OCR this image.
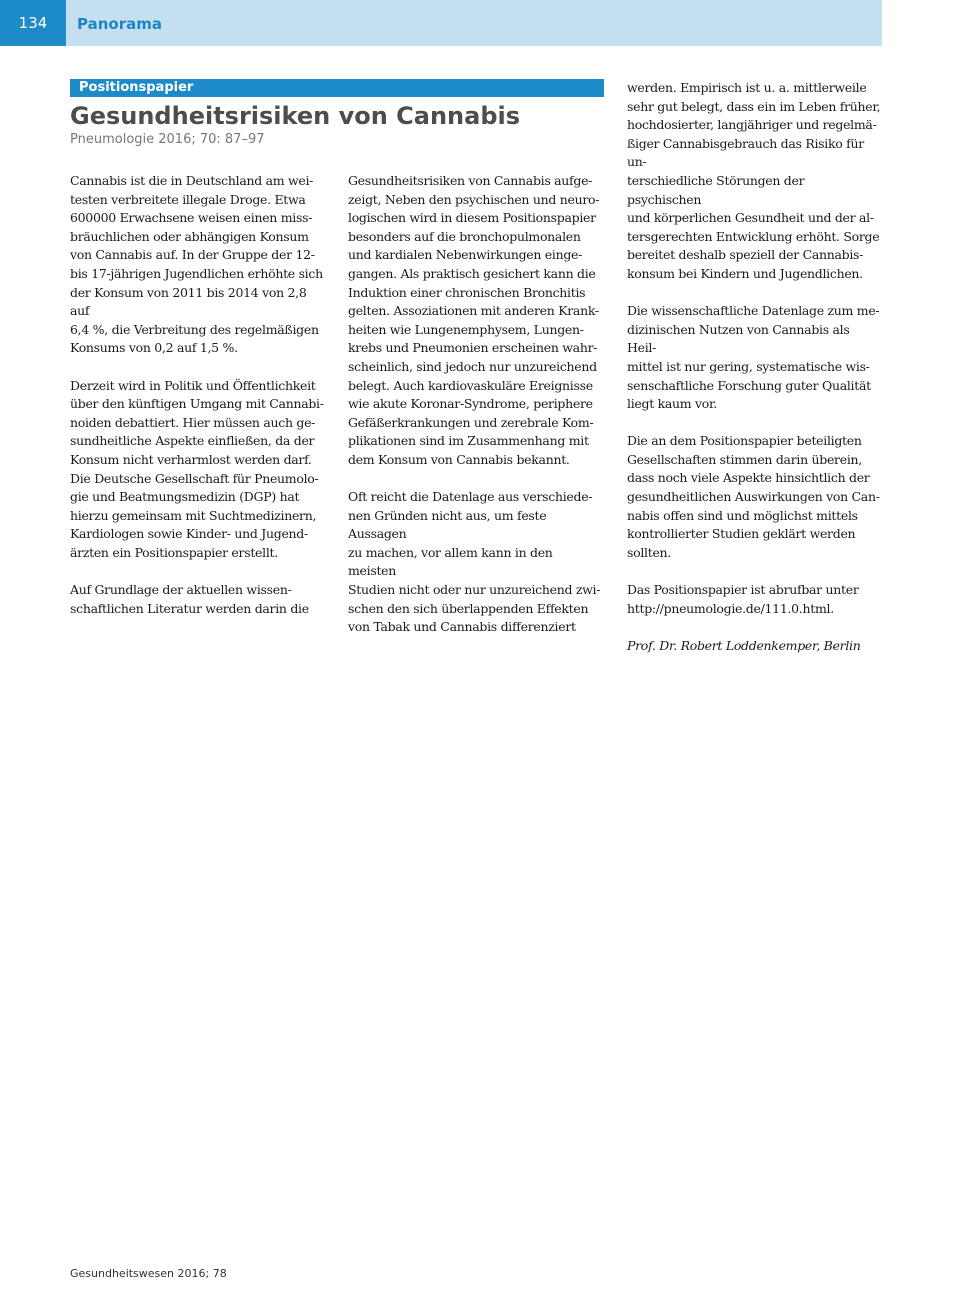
134	Panorama
Positionspapier
Gesundheitsrisiken von Cannabis
Pneumologie 2016; 70: 87–97

Cannabis ist die in Deutschland am wei-
testen verbreitete illegale Droge. Etwa
600000 Erwachsene weisen einen miss-
bräuchlichen oder abhängigen Konsum
von Cannabis auf. In der Gruppe der 12-
bis 17-jährigen Jugendlichen erhöhte sich
der Konsum von 2011 bis 2014 von 2,8 auf
6,4 %, die Verbreitung des regelmäßigen
Konsums von 0,2 auf 1,5 %.

Derzeit wird in Politik und Öffentlichkeit
über den künftigen Umgang mit Cannabi-
noiden debattiert. Hier müssen auch ge-
sundheitliche Aspekte einfließen, da der
Konsum nicht verharmlost werden darf.
Die Deutsche Gesellschaft für Pneumolo-
gie und Beatmungsmedizin (DGP) hat
hierzu gemeinsam mit Suchtmedizinern,
Kardiologen sowie Kinder- und Jugend-
ärzten ein Positionspapier erstellt.

Auf Grundlage der aktuellen wissen-
schaftlichen Literatur werden darin die

Gesundheitsrisiken von Cannabis aufge-
zeigt, Neben den psychischen und neuro-
logischen wird in diesem Positionspapier
besonders auf die bronchopulmonalen
und kardialen Nebenwirkungen einge-
gangen. Als praktisch gesichert kann die
Induktion einer chronischen Bronchitis
gelten. Assoziationen mit anderen Krank-
heiten wie Lungenemphysem, Lungen-
krebs und Pneumonien erscheinen wahr-
scheinlich, sind jedoch nur unzureichend
belegt. Auch kardiovaskuläre Ereignisse
wie akute Koronar-Syndrome, periphere
Gefäßerkrankungen und zerebrale Kom-
plikationen sind im Zusammenhang mit
dem Konsum von Cannabis bekannt.

Oft reicht die Datenlage aus verschiede-
nen Gründen nicht aus, um feste Aussagen
zu machen, vor allem kann in den meisten
Studien nicht oder nur unzureichend zwi-
schen den sich überlappenden Effekten
von Tabak und Cannabis differenziert

werden. Empirisch ist u. a. mittlerweile
sehr gut belegt, dass ein im Leben früher,
hochdosierter, langjähriger und regelmä-
ßiger Cannabisgebrauch das Risiko für un-
terschiedliche Störungen der psychischen
und körperlichen Gesundheit und der al-
tersgerechten Entwicklung erhöht. Sorge
bereitet deshalb speziell der Cannabis-
konsum bei Kindern und Jugendlichen.

Die wissenschaftliche Datenlage zum me-
dizinischen Nutzen von Cannabis als Heil-
mittel ist nur gering, systematische wis-
senschaftliche Forschung guter Qualität
liegt kaum vor.

Die an dem Positionspapier beteiligten
Gesellschaften stimmen darin überein,
dass noch viele Aspekte hinsichtlich der
gesundheitlichen Auswirkungen von Can-
nabis offen sind und möglichst mittels
kontrollierter Studien geklärt werden
sollten.

Das Positionspapier ist abrufbar unter
http://pneumologie.de/111.0.html.

Prof. Dr. Robert Loddenkemper, Berlin

Gesundheitswesen 2016; 78
